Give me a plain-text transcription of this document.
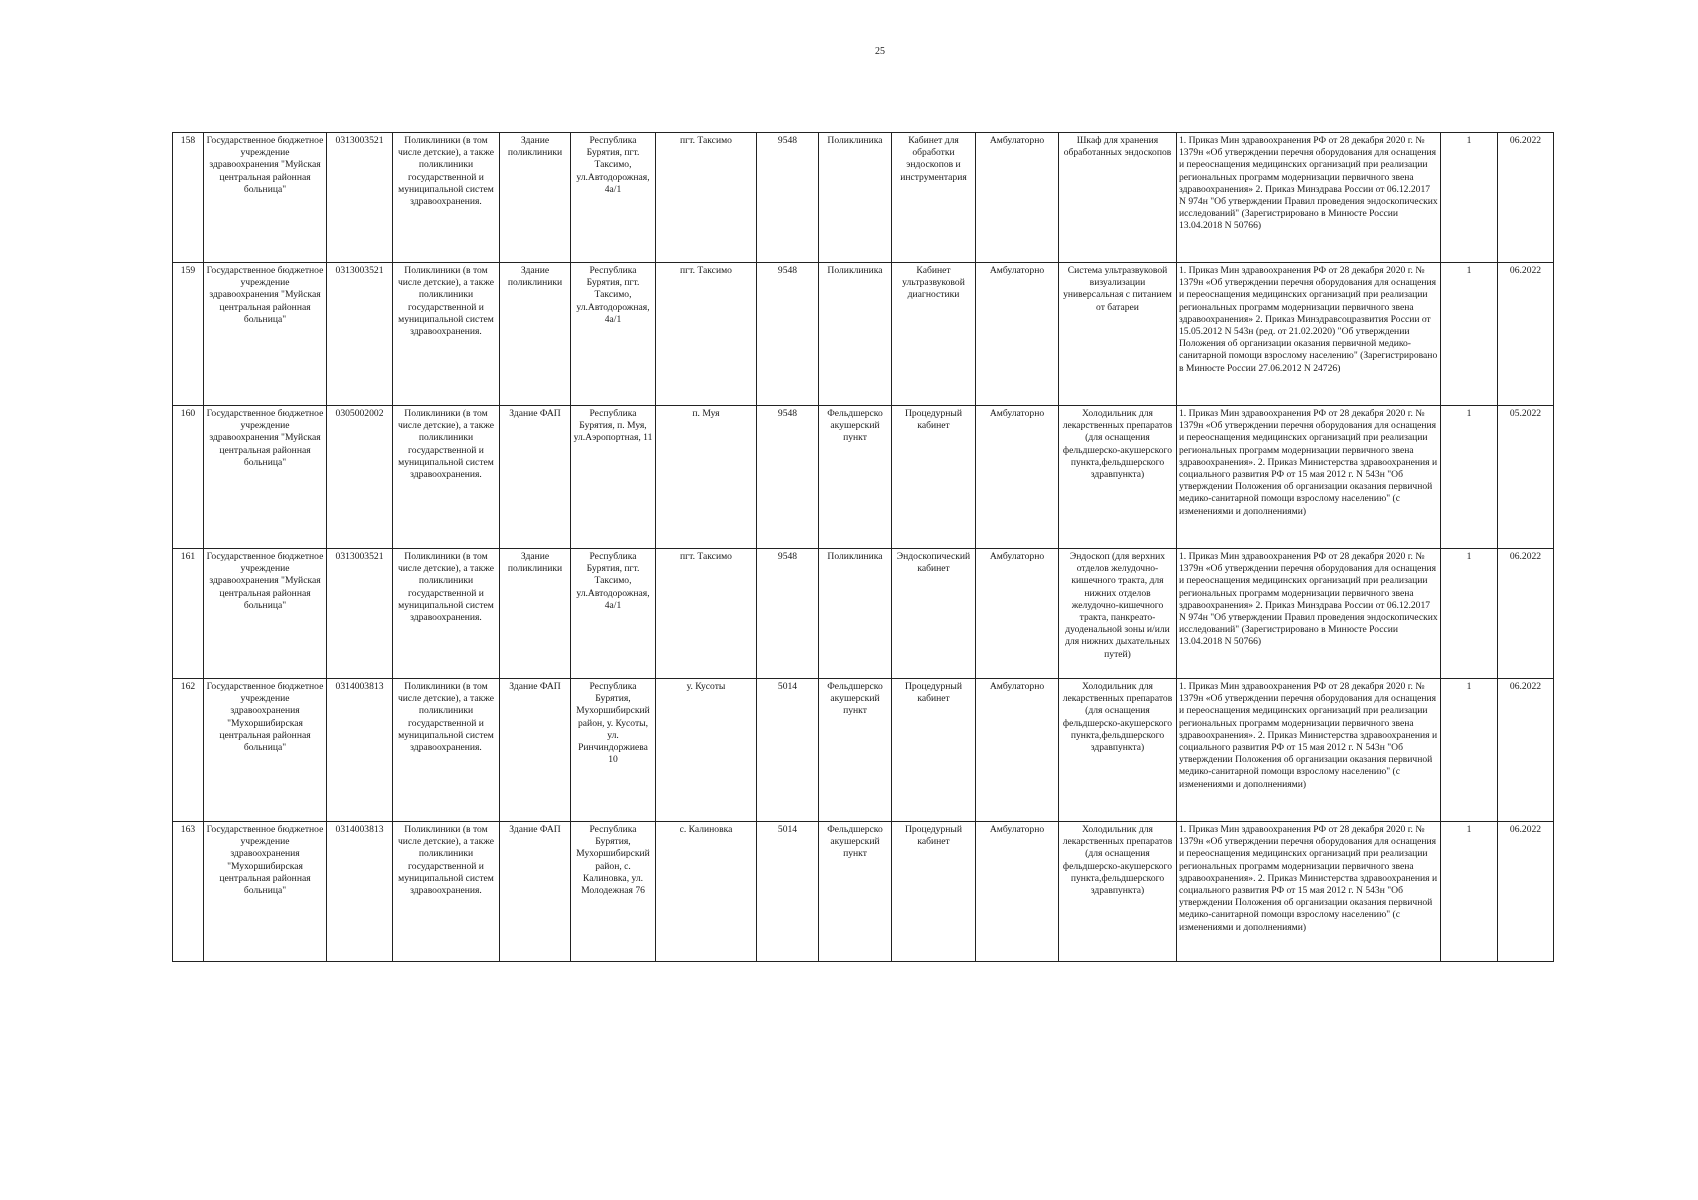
25
158	Государственное бюджетное учреждение здравоохранения "Муйская центральная районная больница"	0313003521	Поликлиники (в том числе детские), а также поликлиники государственной и муниципальной систем здравоохранения.	Здание поликлиники	Республика Бурятия, пгт. Таксимо, ул.Автодорожная, 4а/1	пгт. Таксимо	9548	Поликлиника	Кабинет для обработки эндоскопов и инструментария	Амбулаторно	Шкаф для хранения обработанных эндоскопов	1. Приказ Мин здравоохранения РФ от 28 декабря 2020 г. № 1379н «Об утверждении перечня оборудования для оснащения и переоснащения медицинских организаций при реализации региональных программ модернизации первичного звена здравоохранения» 2. Приказ Минздрава России от 06.12.2017 N 974н "Об утверждении Правил проведения эндоскопических исследований" (Зарегистрировано в Минюсте России 13.04.2018 N 50766)	1	06.2022
159	Государственное бюджетное учреждение здравоохранения "Муйская центральная районная больница"	0313003521	Поликлиники (в том числе детские), а также поликлиники государственной и муниципальной систем здравоохранения.	Здание поликлиники	Республика Бурятия, пгт. Таксимо, ул.Автодорожная, 4а/1	пгт. Таксимо	9548	Поликлиника	Кабинет ультразвуковой диагностики	Амбулаторно	Система ультразвуковой визуализации универсальная с питанием от батареи	1. Приказ Мин здравоохранения РФ от 28 декабря 2020 г. № 1379н «Об утверждении перечня оборудования для оснащения и переоснащения медицинских организаций при реализации региональных программ модернизации первичного звена здравоохранения» 2. Приказ Минздравсоцразвития России от 15.05.2012 N 543н (ред. от 21.02.2020) "Об утверждении Положения об организации оказания первичной медико-санитарной помощи взрослому населению" (Зарегистрировано в Минюсте России 27.06.2012 N 24726)	1	06.2022
160	Государственное бюджетное учреждение здравоохранения "Муйская центральная районная больница"	0305002002	Поликлиники (в том числе детские), а также поликлиники государственной и муниципальной систем здравоохранения.	Здание ФАП	Республика Бурятия, п. Муя, ул.Аэропортная, 11	п. Муя	9548	Фельдшерско акушерский пункт	Процедурный кабинет	Амбулаторно	Холодильник для лекарственных препаратов (для оснащения фельдшерско-акушерского пункта,фельдшерского здравпункта)	1. Приказ Мин здравоохранения РФ от 28 декабря 2020 г. № 1379н «Об утверждении перечня оборудования для оснащения и переоснащения медицинских организаций при реализации региональных программ модернизации первичного звена здравоохранения». 2. Приказ Министерства здравоохранения и социального развития РФ от 15 мая 2012 г. N 543н "Об утверждении Положения об организации оказания первичной медико-санитарной помощи взрослому населению" (с изменениями и дополнениями)	1	05.2022
161	Государственное бюджетное учреждение здравоохранения "Муйская центральная районная больница"	0313003521	Поликлиники (в том числе детские), а также поликлиники государственной и муниципальной систем здравоохранения.	Здание поликлиники	Республика Бурятия, пгт. Таксимо, ул.Автодорожная, 4а/1	пгт. Таксимо	9548	Поликлиника	Эндоскопический кабинет	Амбулаторно	Эндоскоп (для верхних отделов желудочно-кишечного тракта, для нижних отделов желудочно-кишечного тракта, панкреато-дуоденальной зоны и/или для нижних дыхательных путей)	1. Приказ Мин здравоохранения РФ от 28 декабря 2020 г. № 1379н «Об утверждении перечня оборудования для оснащения и переоснащения медицинских организаций при реализации региональных программ модернизации первичного звена здравоохранения» 2. Приказ Минздрава России от 06.12.2017 N 974н "Об утверждении Правил проведения эндоскопических исследований" (Зарегистрировано в Минюсте России 13.04.2018 N 50766)	1	06.2022
162	Государственное бюджетное учреждение здравоохранения "Мухоршибирская центральная районная больница"	0314003813	Поликлиники (в том числе детские), а также поликлиники государственной и муниципальной систем здравоохранения.	Здание ФАП	Республика Бурятия, Мухоршибирский район, у. Кусоты, ул. Ринчиндоржиева 10	у. Кусоты	5014	Фельдшерско акушерский пункт	Процедурный кабинет	Амбулаторно	Холодильник для лекарственных препаратов (для оснащения фельдшерско-акушерского пункта,фельдшерского здравпункта)	1. Приказ Мин здравоохранения РФ от 28 декабря 2020 г. № 1379н «Об утверждении перечня оборудования для оснащения и переоснащения медицинских организаций при реализации региональных программ модернизации первичного звена здравоохранения». 2. Приказ Министерства здравоохранения и социального развития РФ от 15 мая 2012 г. N 543н "Об утверждении Положения об организации оказания первичной медико-санитарной помощи взрослому населению" (с изменениями и дополнениями)	1	06.2022
163	Государственное бюджетное учреждение здравоохранения "Мухоршибирская центральная районная больница"	0314003813	Поликлиники (в том числе детские), а также поликлиники государственной и муниципальной систем здравоохранения.	Здание ФАП	Республика Бурятия, Мухоршибирский район, с. Калиновка, ул. Молодежная 76	с. Калиновка	5014	Фельдшерско акушерский пункт	Процедурный кабинет	Амбулаторно	Холодильник для лекарственных препаратов (для оснащения фельдшерско-акушерского пункта,фельдшерского здравпункта)	1. Приказ Мин здравоохранения РФ от 28 декабря 2020 г. № 1379н «Об утверждении перечня оборудования для оснащения и переоснащения медицинских организаций при реализации региональных программ модернизации первичного звена здравоохранения». 2. Приказ Министерства здравоохранения и социального развития РФ от 15 мая 2012 г. N 543н "Об утверждении Положения об организации оказания первичной медико-санитарной помощи взрослому населению" (с изменениями и дополнениями)	1	06.2022
